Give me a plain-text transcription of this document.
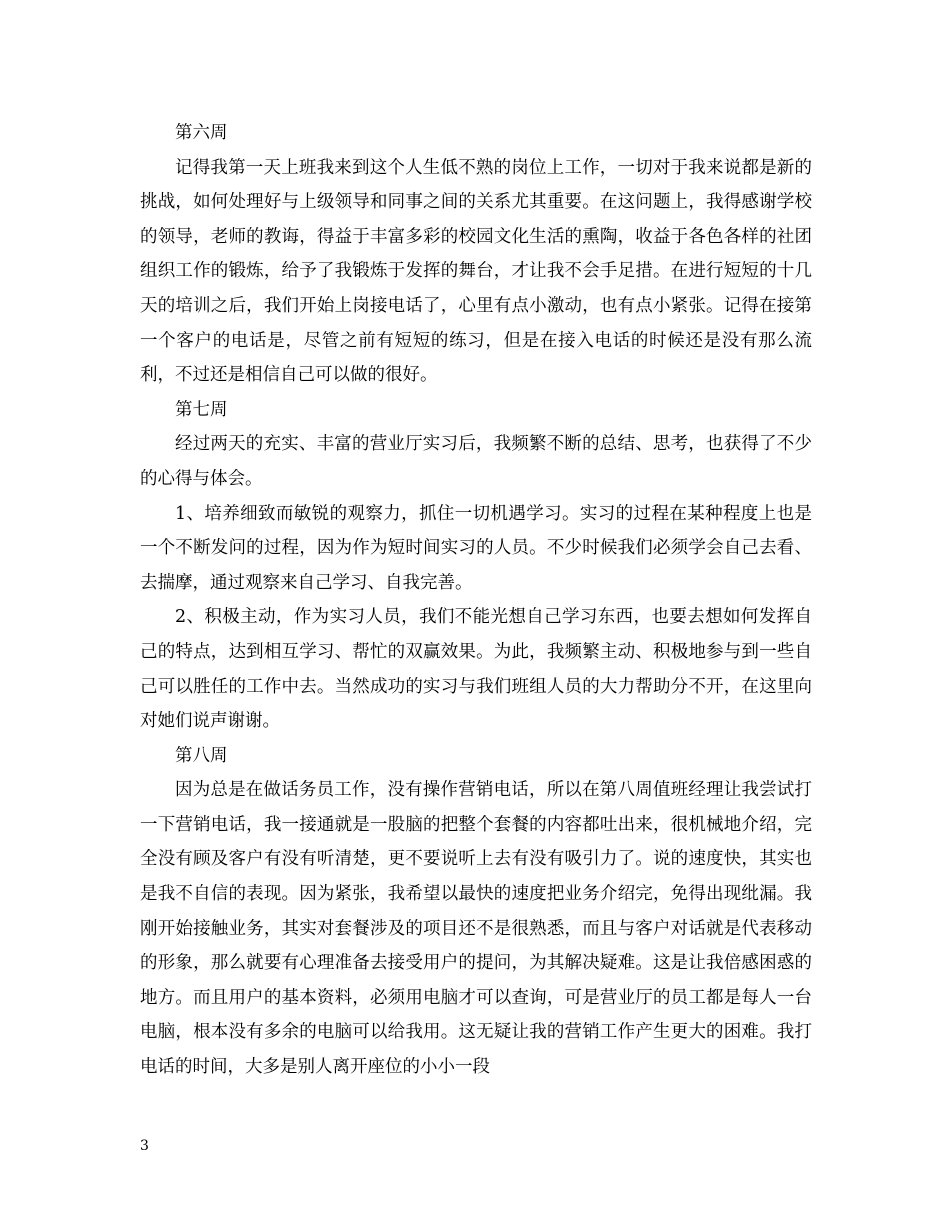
第六周

记得我第一天上班我来到这个人生低不熟的岗位上工作，一切对于我来说都是新的挑战，如何处理好与上级领导和同事之间的关系尤其重要。在这问题上，我得感谢学校的领导，老师的教诲，得益于丰富多彩的校园文化生活的熏陶，收益于各色各样的社团组织工作的锻炼，给予了我锻炼于发挥的舞台，才让我不会手足措。在进行短短的十几天的培训之后，我们开始上岗接电话了，心里有点小激动，也有点小紧张。记得在接第一个客户的电话是，尽管之前有短短的练习，但是在接入电话的时候还是没有那么流利，不过还是相信自己可以做的很好。

第七周

经过两天的充实、丰富的营业厅实习后，我频繁不断的总结、思考，也获得了不少的心得与体会。

1、培养细致而敏锐的观察力，抓住一切机遇学习。实习的过程在某种程度上也是一个不断发问的过程，因为作为短时间实习的人员。不少时候我们必须学会自己去看、去揣摩，通过观察来自己学习、自我完善。

2、积极主动，作为实习人员，我们不能光想自己学习东西，也要去想如何发挥自己的特点，达到相互学习、帮忙的双赢效果。为此，我频繁主动、积极地参与到一些自己可以胜任的工作中去。当然成功的实习与我们班组人员的大力帮助分不开，在这里向对她们说声谢谢。

第八周

因为总是在做话务员工作，没有操作营销电话，所以在第八周值班经理让我尝试打一下营销电话，我一接通就是一股脑的把整个套餐的内容都吐出来，很机械地介绍，完全没有顾及客户有没有听清楚，更不要说听上去有没有吸引力了。说的速度快，其实也是我不自信的表现。因为紧张，我希望以最快的速度把业务介绍完，免得出现纰漏。我刚开始接触业务，其实对套餐涉及的项目还不是很熟悉，而且与客户对话就是代表移动的形象，那么就要有心理准备去接受用户的提问，为其解决疑难。这是让我倍感困惑的地方。而且用户的基本资料，必须用电脑才可以查询，可是营业厅的员工都是每人一台电脑，根本没有多余的电脑可以给我用。这无疑让我的营销工作产生更大的困难。我打电话的时间，大多是别人离开座位的小小一段

3
